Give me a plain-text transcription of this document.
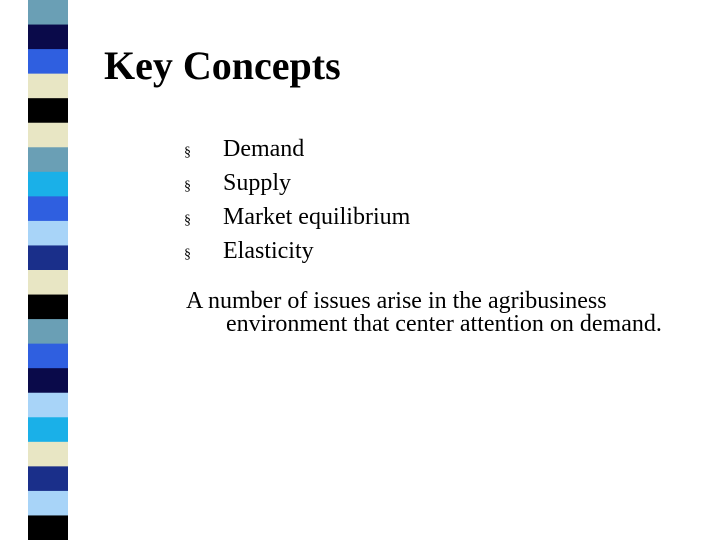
Key Concepts
§	Demand
§	Supply
§	Market equilibrium
§	Elasticity

A number of issues arise in the agribusiness environment that center attention on demand.
